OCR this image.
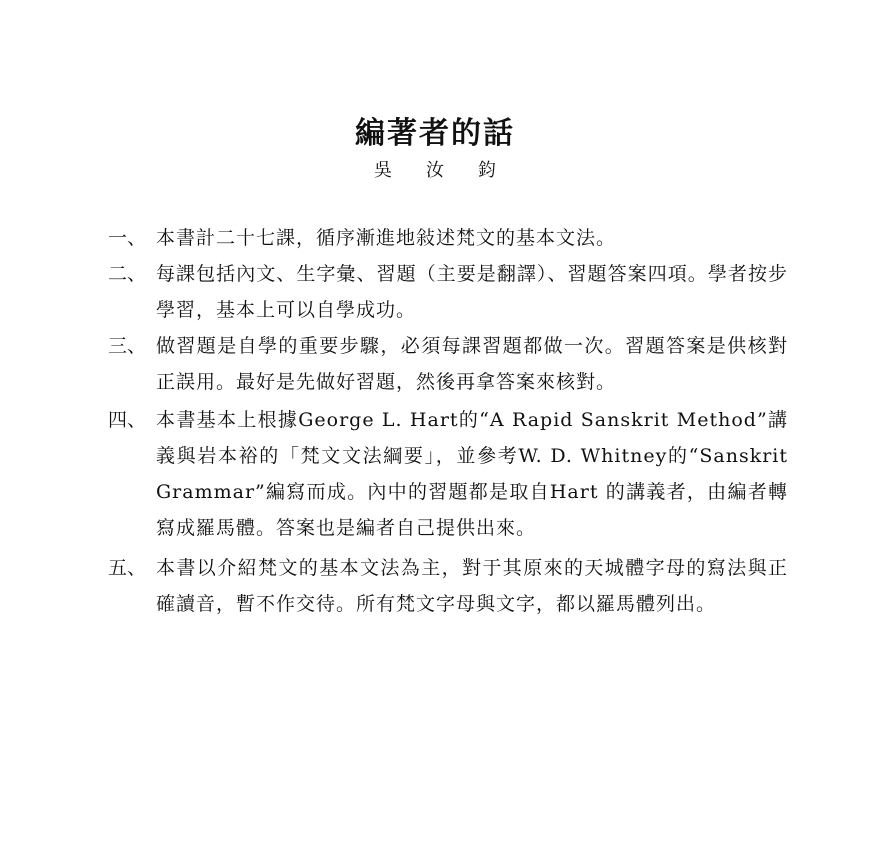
編著者的話
吳汝鈞
一、 本書計二十七課，循序漸進地敍述梵文的基本文法。
二、 每課包括內文、生字彙、習題（主要是翻譯）、習題答案四項。學者按步學習，基本上可以自學成功。
三、 做習題是自學的重要步驟，必須每課習題都做一次。習題答案是供核對正誤用。最好是先做好習題，然後再拿答案來核對。
四、 本書基本上根據George L. Hart的“A Rapid Sanskrit Method”講義與岩本裕的「梵文文法綱要」，並參考W. D. Whitney的“Sanskrit Grammar”編寫而成。內中的習題都是取自Hart 的講義者，由編者轉寫成羅馬體。答案也是編者自己提供出來。
五、 本書以介紹梵文的基本文法為主，對于其原來的天城體字母的寫法與正確讀音，暫不作交待。所有梵文字母與文字，都以羅馬體列出。
